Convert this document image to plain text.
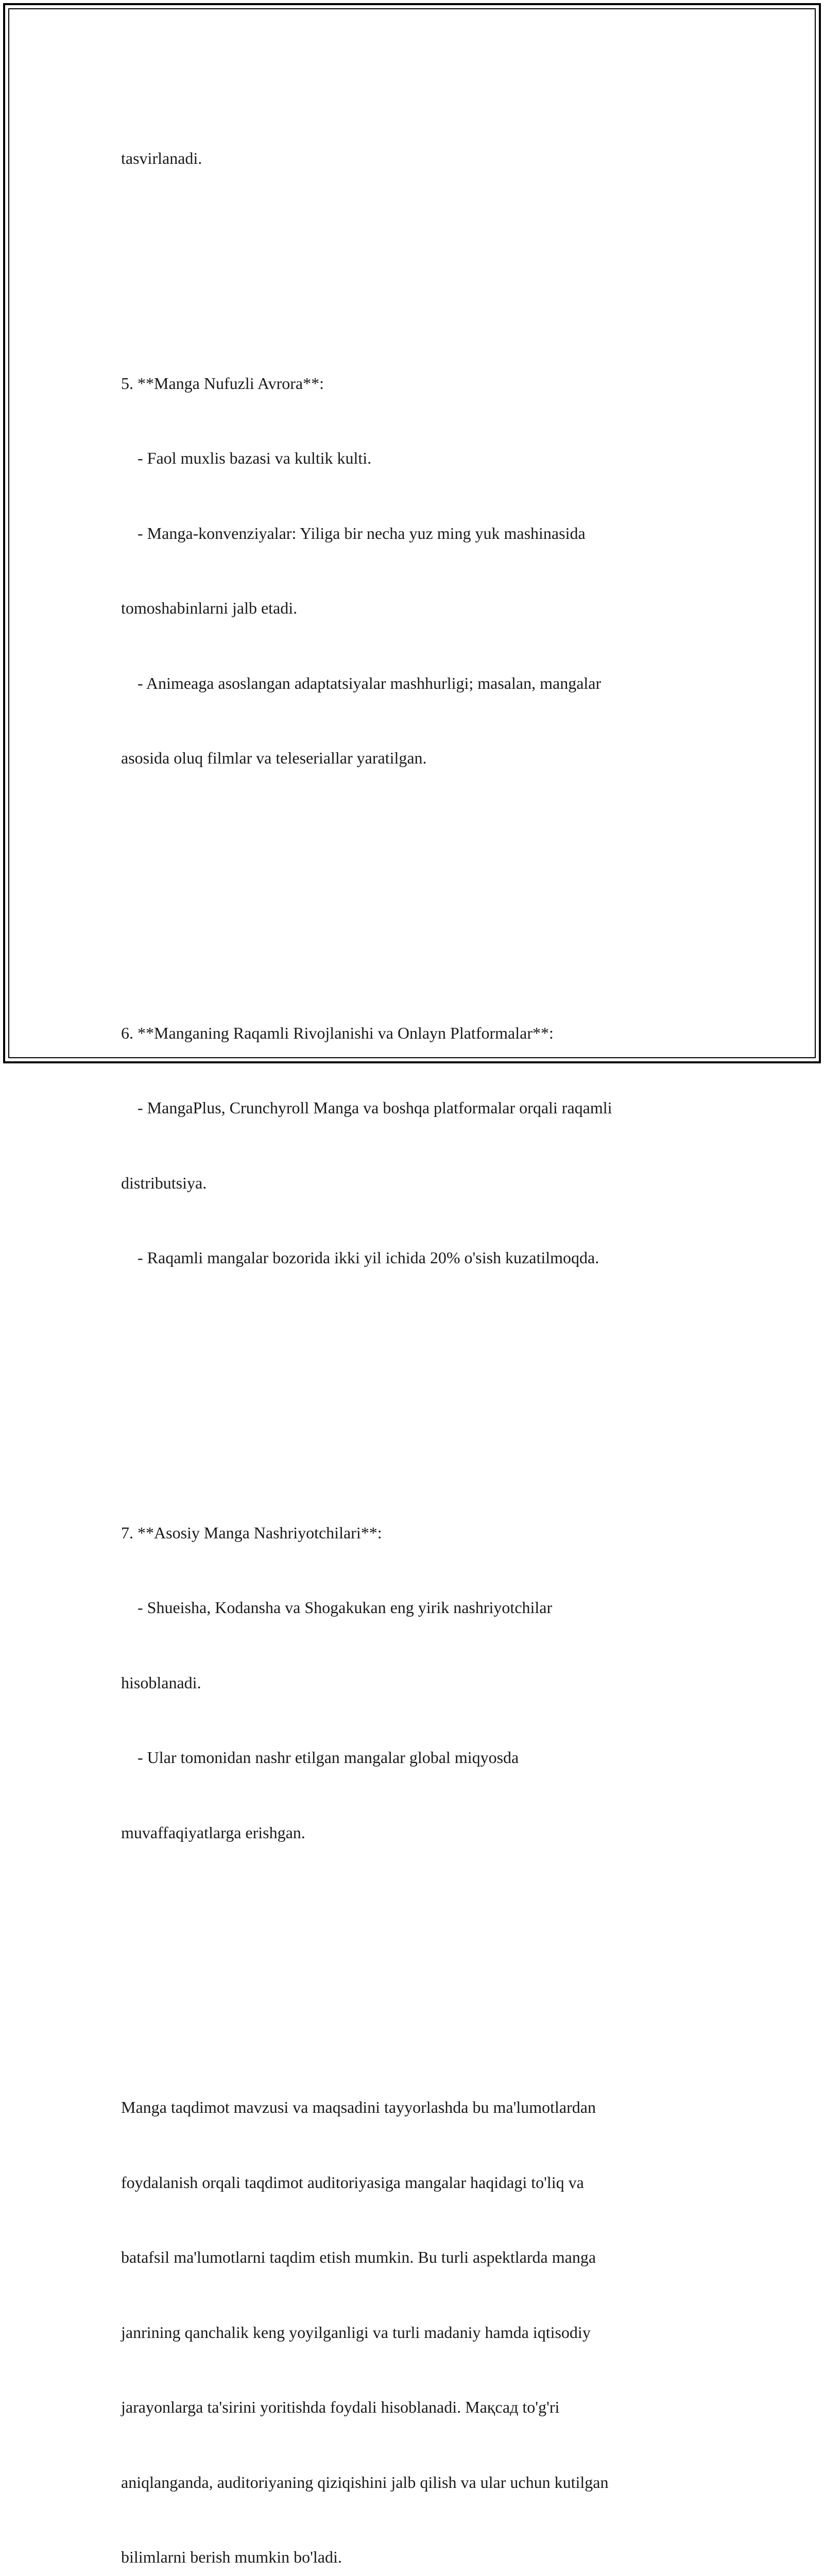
tasvirlanadi.

5. **Manga Nufuzli Avrora**:

- Faol muxlis bazasi va kultik kulti.

- Manga-konvenziyalar: Yiliga bir necha yuz ming yuk mashinasida

tomoshabinlarni jalb etadi.

- Animeaga asoslangan adaptatsiyalar mashhurligi; masalan, mangalar

asosida oluq filmlar va teleseriallar yaratilgan.

6. **Manganing Raqamli Rivojlanishi va Onlayn Platformalar**:

- MangaPlus, Crunchyroll Manga va boshqa platformalar orqali raqamli

distributsiya.

- Raqamli mangalar bozorida ikki yil ichida 20% o'sish kuzatilmoqda.

7. **Asosiy Manga Nashriyotchilari**:

- Shueisha, Kodansha va Shogakukan eng yirik nashriyotchilar

hisoblanadi.

- Ular tomonidan nashr etilgan mangalar global miqyosda

muvaffaqiyatlarga erishgan.

Manga taqdimot mavzusi va maqsadini tayyorlashda bu ma'lumotlardan

foydalanish orqali taqdimot auditoriyasiga mangalar haqidagi to'liq va

batafsil ma'lumotlarni taqdim etish mumkin. Bu turli aspektlarda manga

janrining qanchalik keng yoyilganligi va turli madaniy hamda iqtisodiy

jarayonlarga ta'sirini yoritishda foydali hisoblanadi. Мақсад to'g'ri

aniqlanganda, auditoriyaning qiziqishini jalb qilish va ular uchun kutilgan

bilimlarni berish mumkin bo'ladi.
